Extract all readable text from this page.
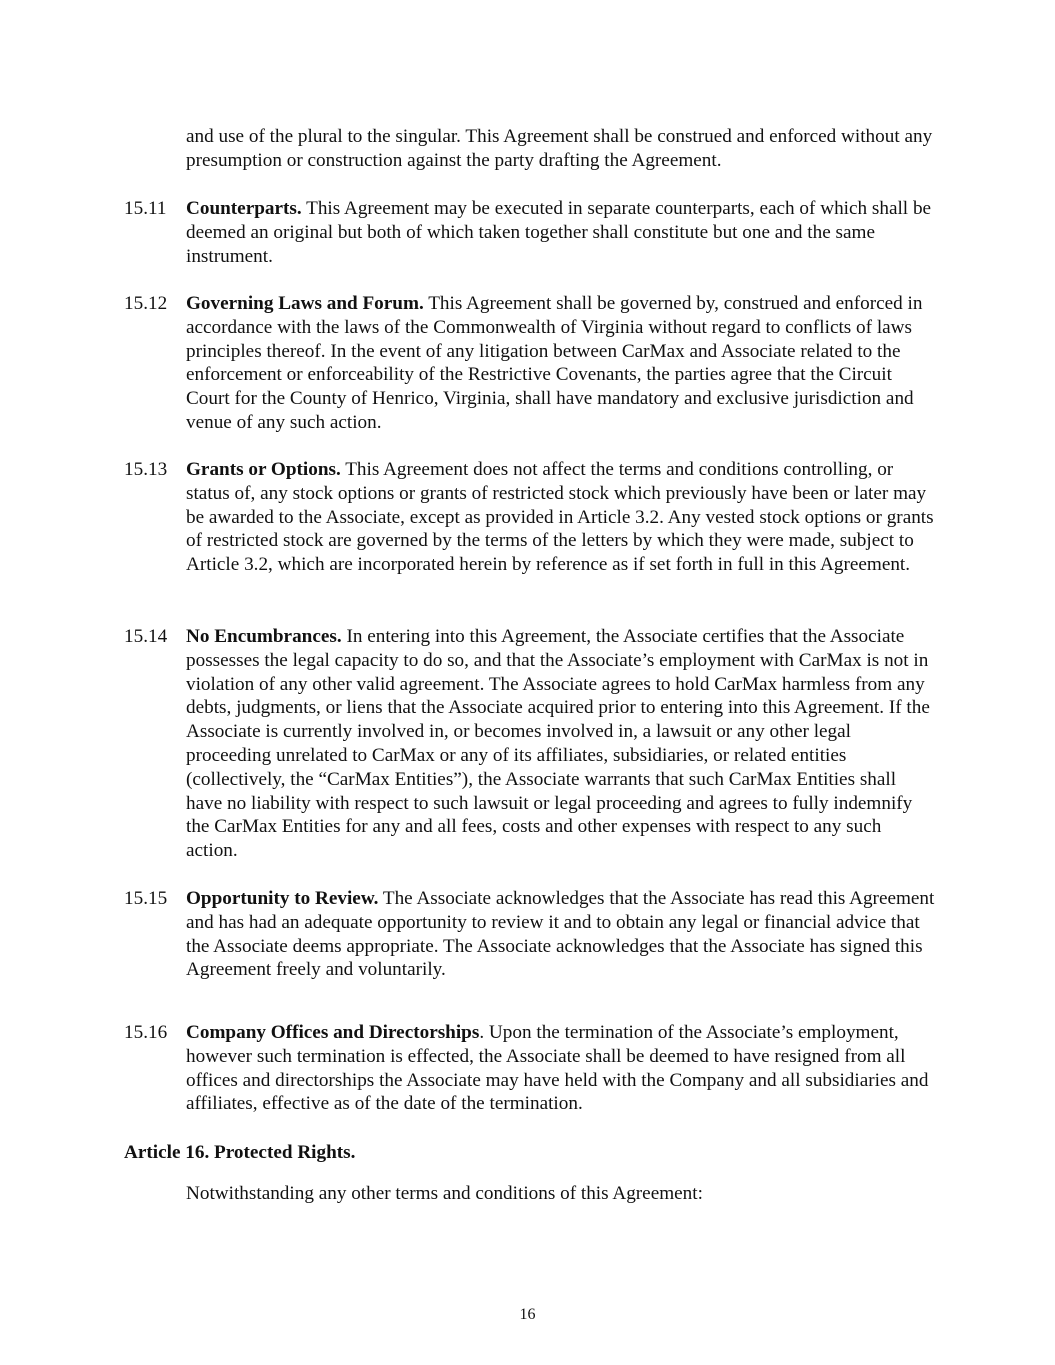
and use of the plural to the singular. This Agreement shall be construed and enforced without any presumption or construction against the party drafting the Agreement.

15.11 Counterparts. This Agreement may be executed in separate counterparts, each of which shall be deemed an original but both of which taken together shall constitute but one and the same instrument.

15.12 Governing Laws and Forum. This Agreement shall be governed by, construed and enforced in accordance with the laws of the Commonwealth of Virginia without regard to conflicts of laws principles thereof. In the event of any litigation between CarMax and Associate related to the enforcement or enforceability of the Restrictive Covenants, the parties agree that the Circuit Court for the County of Henrico, Virginia, shall have mandatory and exclusive jurisdiction and venue of any such action.

15.13 Grants or Options. This Agreement does not affect the terms and conditions controlling, or status of, any stock options or grants of restricted stock which previously have been or later may be awarded to the Associate, except as provided in Article 3.2. Any vested stock options or grants of restricted stock are governed by the terms of the letters by which they were made, subject to Article 3.2, which are incorporated herein by reference as if set forth in full in this Agreement.

15.14 No Encumbrances. In entering into this Agreement, the Associate certifies that the Associate possesses the legal capacity to do so, and that the Associate’s employment with CarMax is not in violation of any other valid agreement. The Associate agrees to hold CarMax harmless from any debts, judgments, or liens that the Associate acquired prior to entering into this Agreement. If the Associate is currently involved in, or becomes involved in, a lawsuit or any other legal proceeding unrelated to CarMax or any of its affiliates, subsidiaries, or related entities (collectively, the “CarMax Entities”), the Associate warrants that such CarMax Entities shall have no liability with respect to such lawsuit or legal proceeding and agrees to fully indemnify the CarMax Entities for any and all fees, costs and other expenses with respect to any such action.

15.15 Opportunity to Review. The Associate acknowledges that the Associate has read this Agreement and has had an adequate opportunity to review it and to obtain any legal or financial advice that the Associate deems appropriate. The Associate acknowledges that the Associate has signed this Agreement freely and voluntarily.

15.16 Company Offices and Directorships. Upon the termination of the Associate’s employment, however such termination is effected, the Associate shall be deemed to have resigned from all offices and directorships the Associate may have held with the Company and all subsidiaries and affiliates, effective as of the date of the termination.

Article 16. Protected Rights.

Notwithstanding any other terms and conditions of this Agreement:

16
